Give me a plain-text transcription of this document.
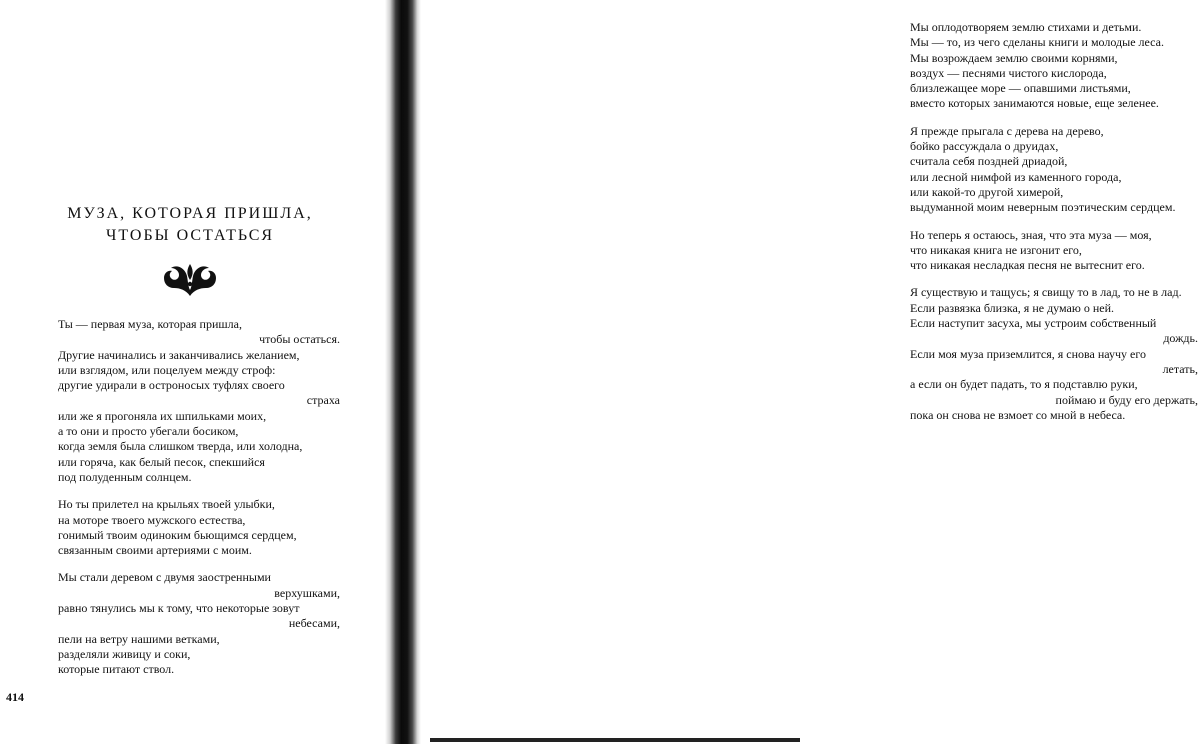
МУЗА, КОТОРАЯ ПРИШЛА,

ЧТОБЫ ОСТАТЬСЯ

Ты — первая муза, которая пришла,
чтобы остаться.
Другие начинались и заканчивались желанием,
или взглядом, или поцелуем между строф:
другие удирали в остроносых туфлях своего
страха
или же я прогоняла их шпильками моих,
а то они и просто убегали босиком,
когда земля была слишком тверда, или холодна,
или горяча, как белый песок, спекшийся
под полуденным солнцем.
Но ты прилетел на крыльях твоей улыбки,
на моторе твоего мужского естества,
гонимый твоим одиноким бьющимся сердцем,
связанным своими артериями с моим.
Мы стали деревом с двумя заостренными
верхушками,
равно тянулись мы к тому, что некоторые зовут
небесами,
пели на ветру нашими ветками,
разделяли живицу и соки,
которые питают ствол.
414
Мы оплодотворяем землю стихами и детьми.
Мы — то, из чего сделаны книги и молодые леса.
Мы возрождаем землю своими корнями,
воздух — песнями чистого кислорода,
близлежащее море — опавшими листьями,
вместо которых занимаются новые, еще зеленее.
Я прежде прыгала с дерева на дерево,
бойко рассуждала о друидах,
считала себя поздней дриадой,
или лесной нимфой из каменного города,
или какой-то другой химерой,
выдуманной моим неверным поэтическим сердцем.
Но теперь я остаюсь, зная, что эта муза — моя,
что никакая книга не изгонит его,
что никакая несладкая песня не вытеснит его.
Я существую и тащусь; я свищу то в лад, то не в лад.
Если развязка близка, я не думаю о ней.
Если наступит засуха, мы устроим собственный
дождь.
Если моя муза приземлится, я снова научу его
летать,
а если он будет падать, то я подставлю руки,
поймаю и буду его держать,
пока он снова не взмоет со мной в небеса.
